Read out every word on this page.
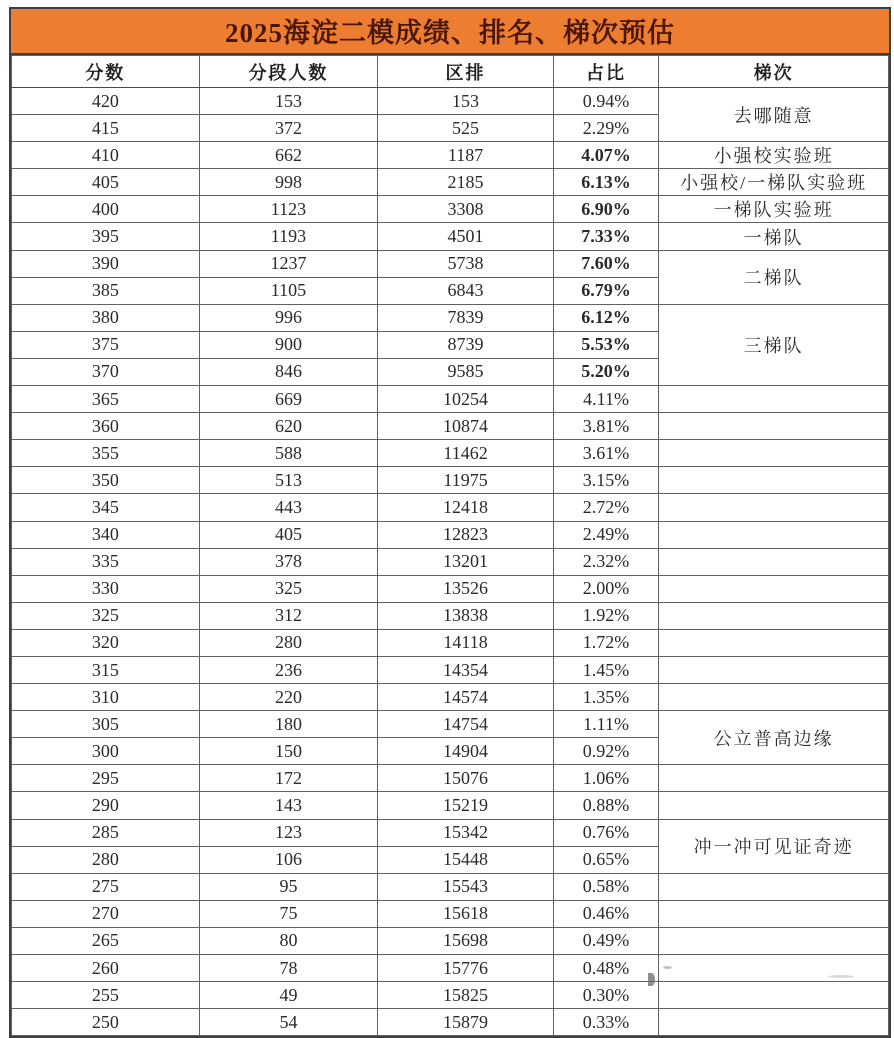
2025海淀二模成绩、排名、梯次预估
分数	分段人数	区排	占比	梯次
420	153	153	0.94%	去哪随意
415	372	525	2.29%	
410	662	1187	4.07%	小强校实验班
405	998	2185	6.13%	小强校/一梯队实验班
400	1123	3308	6.90%	一梯队实验班
395	1193	4501	7.33%	一梯队
390	1237	5738	7.60%	二梯队
385	1105	6843	6.79%	
380	996	7839	6.12%	三梯队
375	900	8739	5.53%	
370	846	9585	5.20%	
365	669	10254	4.11%	
360	620	10874	3.81%	
355	588	11462	3.61%	
350	513	11975	3.15%	
345	443	12418	2.72%	
340	405	12823	2.49%	
335	378	13201	2.32%	
330	325	13526	2.00%	
325	312	13838	1.92%	
320	280	14118	1.72%	
315	236	14354	1.45%	
310	220	14574	1.35%	
305	180	14754	1.11%	公立普高边缘
300	150	14904	0.92%	
295	172	15076	1.06%	
290	143	15219	0.88%	
285	123	15342	0.76%	冲一冲可见证奇迹
280	106	15448	0.65%	
275	95	15543	0.58%	
270	75	15618	0.46%	
265	80	15698	0.49%	
260	78	15776	0.48%	
255	49	15825	0.30%	
250	54	15879	0.33%	
